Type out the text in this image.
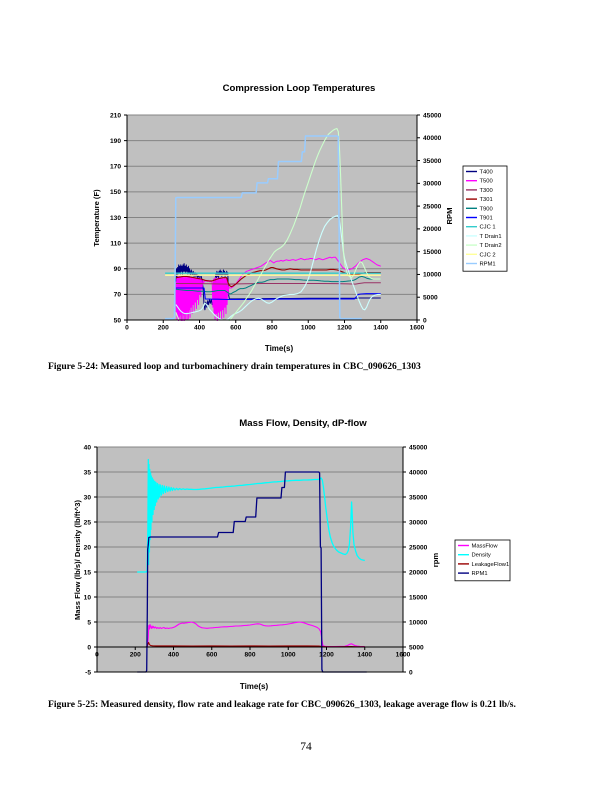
50
70
90
110
130
150
170
190
210
0
5000
10000
15000
20000
25000
30000
35000
40000
45000
0	200	400	600	800	1000	1200	1400	1600
Compression Loop Temperatures
Time(s)
Temperature (F)	RPM
T400
T500
T300
T301
T900
T901
CJC 1
T Drain1
T Drain2
CJC 2
RPM1
-5
0
5
10
15
20
25
30
35
40
0
5000
10000
15000
20000
25000
30000
35000
40000
45000
0	200	400	600	800	1000	1200	1400	1600
Mass Flow, Density, dP-flow
Time(s)
Mass Flow (lb/s)/ Density (lb/ft^3)	rpm
MassFlow
Density
LeakageFlow1
RPM1
Figure 5-24: Measured loop and turbomachinery drain temperatures in CBC_090626_1303
Figure 5-25: Measured density, flow rate and leakage rate for CBC_090626_1303, leakage average flow is 0.21 lb/s.
74
